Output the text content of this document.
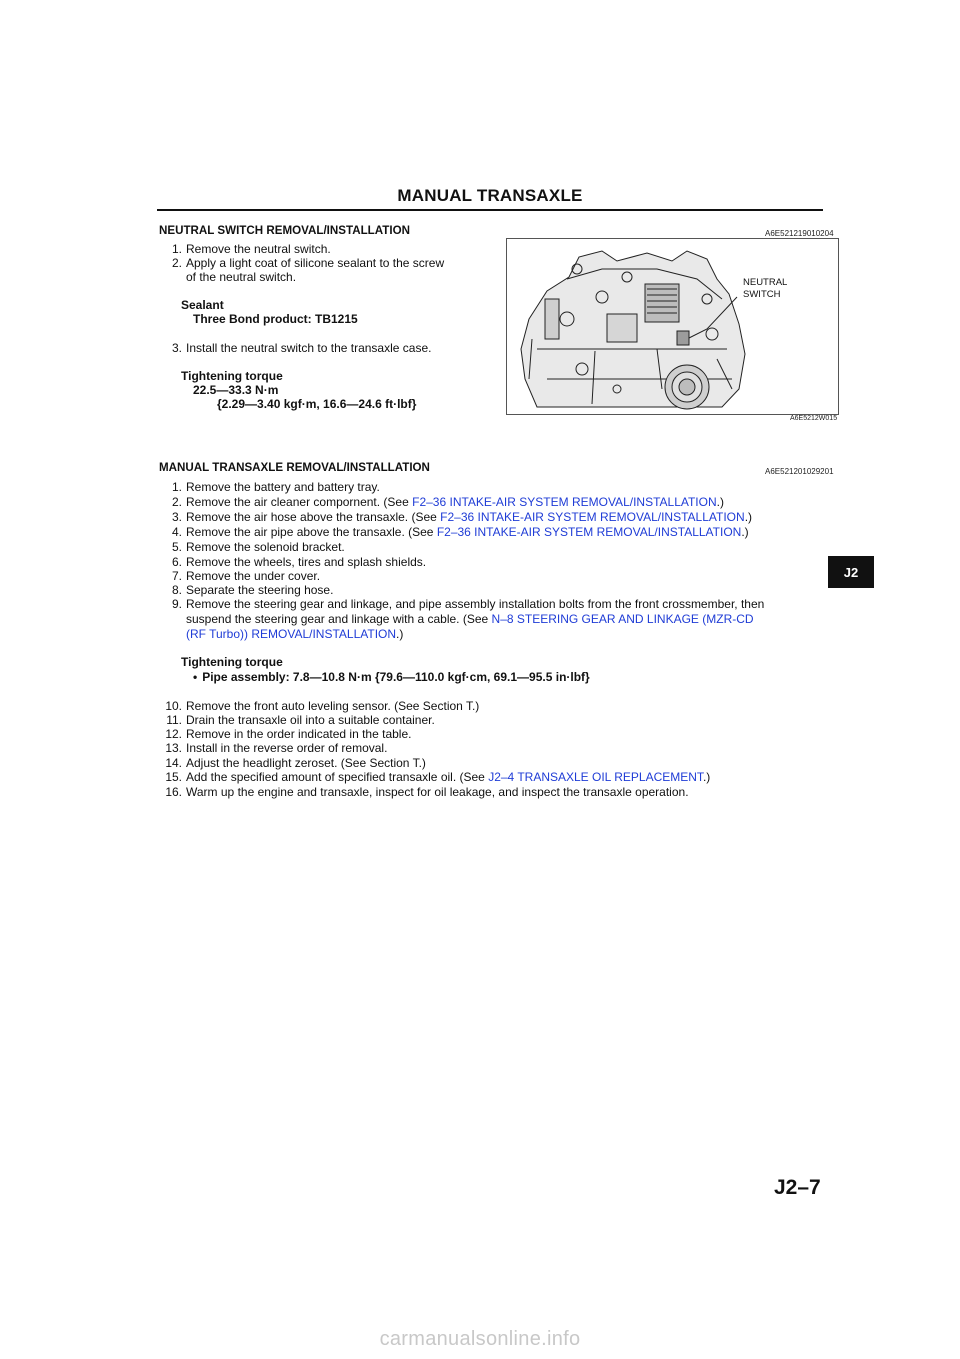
MANUAL TRANSAXLE
NEUTRAL SWITCH REMOVAL/INSTALLATION	A6E521219010204
1. Remove the neutral switch.
2. Apply a light coat of silicone sealant to the screw
of the neutral switch.
Sealant
Three Bond product: TB1215
3. Install the neutral switch to the transaxle case.
Tightening torque
22.5—33.3 N·m
{2.29—3.40 kgf·m, 16.6—24.6 ft·lbf}
NEUTRAL
SWITCH
A6E5212W015
MANUAL TRANSAXLE REMOVAL/INSTALLATION	A6E521201029201
1. Remove the battery and battery tray.
2. Remove the air cleaner compornent. (See F2–36 INTAKE-AIR SYSTEM REMOVAL/INSTALLATION.)
3. Remove the air hose above the transaxle. (See F2–36 INTAKE-AIR SYSTEM REMOVAL/INSTALLATION.)
4. Remove the air pipe above the transaxle. (See F2–36 INTAKE-AIR SYSTEM REMOVAL/INSTALLATION.)
5. Remove the solenoid bracket.
6. Remove the wheels, tires and splash shields.
7. Remove the under cover.
8. Separate the steering hose.
9. Remove the steering gear and linkage, and pipe assembly installation bolts from the front crossmember, then
suspend the steering gear and linkage with a cable. (See N–8 STEERING GEAR AND LINKAGE (MZR-CD
(RF Turbo)) REMOVAL/INSTALLATION.)
Tightening torque
• Pipe assembly: 7.8—10.8 N·m {79.6—110.0 kgf·cm, 69.1—95.5 in·lbf}
10. Remove the front auto leveling sensor. (See Section T.)
11. Drain the transaxle oil into a suitable container.
12. Remove in the order indicated in the table.
13. Install in the reverse order of removal.
14. Adjust the headlight zeroset. (See Section T.)
15. Add the specified amount of specified transaxle oil. (See J2–4 TRANSAXLE OIL REPLACEMENT.)
16. Warm up the engine and transaxle, inspect for oil leakage, and inspect the transaxle operation.
J2
J2–7
carmanualsonline.info
